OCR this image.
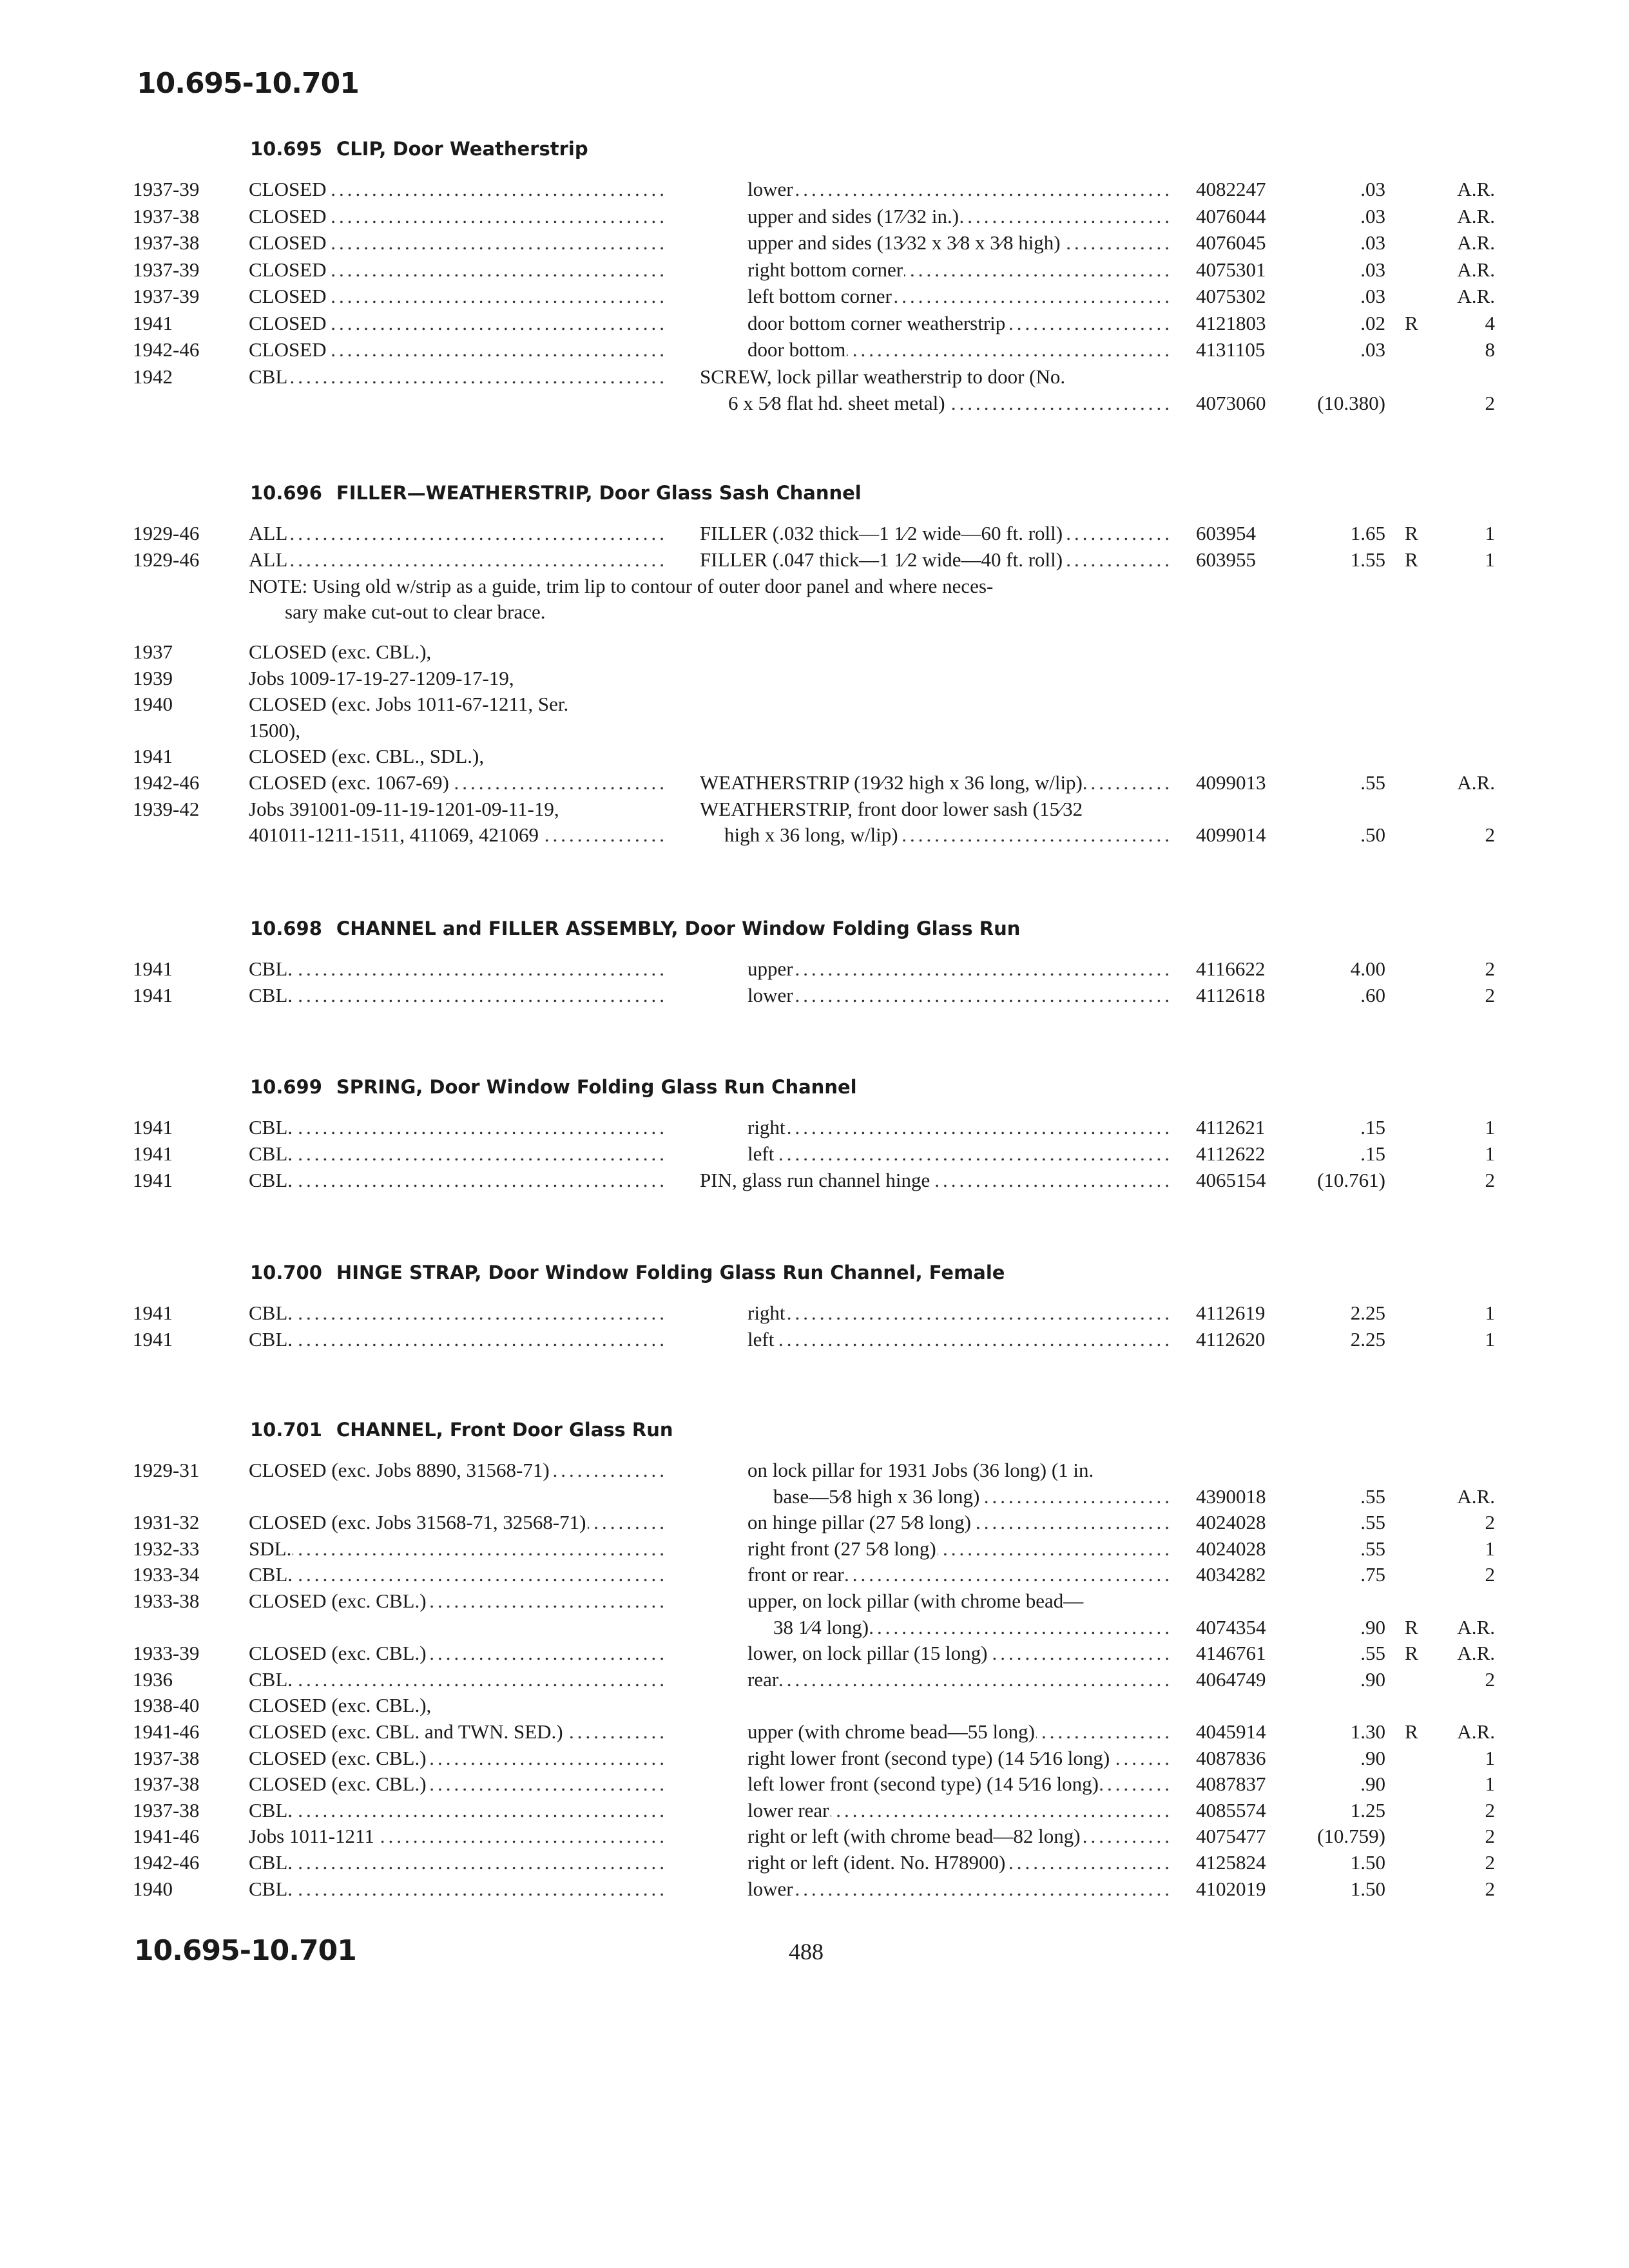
10.695-10.701
10.695 CLIP, Door Weatherstrip
1937-39 ..... CLOSED .....	lower	4082247	.03	A.R.
1937-38 ..... CLOSED .....	upper and sides (17⁄32 in.)	4076044	.03	A.R.
1937-38 ..... CLOSED .....	upper and sides (13⁄32 x 3⁄8 x 3⁄8 high)	4076045	.03	A.R.
1937-39 ..... CLOSED .....	right bottom corner	4075301	.03	A.R.
1937-39 ..... CLOSED .....	left bottom corner	4075302	.03	A.R.
1941 .....	CLOSED .....	door bottom corner weatherstrip	4121803	.02 R	4
1942-46 ..... CLOSED .....	door bottom	4131105	.03	8
1942 .....	CBL	SCREW, lock pillar weatherstrip to door (No.
.....
6 x 5⁄8 flat hd. sheet metal)	4073060	(10.380)	2
10.696 FILLER—WEATHERSTRIP, Door Glass Sash Channel
1929-46 ..... ALL .....	FILLER (.032 thick—1 1⁄2 wide—60 ft. roll)	603954	1.65 R	1
1929-46 ..... ALL .....	FILLER (.047 thick—1 1⁄2 wide—40 ft. roll)	603955	1.55 R	1
NOTE: Using old w/strip as a guide, trim lip to contour of outer door panel and where neces-
sary make cut-out to clear brace.
1937	CLOSED (exc. CBL.),
1939	Jobs 1009-17-19-27-1209-17-19,
1940	CLOSED (exc. Jobs 1011-67-1211, Ser.
1500),
1941	CLOSED (exc. CBL., SDL.),
1942-46 ..... CLOSED (exc. 1067-69) .....	WEATHERSTRIP (19⁄32 high x 36 long, w/lip)	4099013	.55	A.R.
1939-42 Jobs 391001-09-11-19-1201-09-11-19,	WEATHERSTRIP, front door lower sash (15⁄32
.....
401011-1211-1511, 411069, 421069 .....	high x 36 long, w/lip)	4099014	.50	2
10.698 CHANNEL and FILLER ASSEMBLY, Door Window Folding Glass Run
1941 .....	CBL. .....	upper	4116622	4.00	2
1941 .....	CBL. .....	lower	4112618	.60	2
10.699 SPRING, Door Window Folding Glass Run Channel
1941 .....	CBL. .....	right	4112621	.15	1
1941 .....	CBL. .....	left	4112622	.15	1
1941 .....	CBL. .....	PIN, glass run channel hinge	4065154	(10.761)	2
10.700 HINGE STRAP, Door Window Folding Glass Run Channel, Female
1941 .....	CBL. .....	right	4112619	2.25	1
1941 .....	CBL. .....	left	4112620	2.25	1
10.701 CHANNEL, Front Door Glass Run
1929-31 ..... CLOSED (exc. Jobs 8890, 31568-71)	on lock pillar for 1931 Jobs (36 long) (1 in.
.....
base—5⁄8 high x 36 long)	4390018	.55	A.R.
1931-32 ..... CLOSED (exc. Jobs 31568-71, 32568-71) .....	on hinge pillar (27 5⁄8 long)	4024028	.55	2
1932-33 ..... SDL. .....	right front (27 5⁄8 long)	4024028	.55	1
1933-34 ..... CBL. .....	front or rear	4034282	.75	2
1933-38 ..... CLOSED (exc. CBL.)	upper, on lock pillar (with chrome bead—
.....
38 1⁄4 long)	4074354	.90 R	A.R.
1933-39 ..... CLOSED (exc. CBL.) .....	lower, on lock pillar (15 long)	4146761	.55 R	A.R.
1936 .....	CBL. .....	rear	4064749	.90	2
1938-40 CLOSED (exc. CBL.),
1941-46 ..... CLOSED (exc. CBL. and TWN. SED.) .....	upper (with chrome bead—55 long)	4045914	1.30 R	A.R.
1937-38 ..... CLOSED (exc. CBL.) .....	right lower front (second type) (14 5⁄16 long)	4087836	.90	1
1937-38 ..... CLOSED (exc. CBL.) .....	left lower front (second type) (14 5⁄16 long)	4087837	.90	1
1937-38 ..... CBL. .....	lower rear	4085574	1.25	2
1941-46 ..... Jobs 1011-1211 .....	right or left (with chrome bead—82 long)	4075477	(10.759)	2
1942-46 ..... CBL. .....	right or left (ident. No. H78900)	4125824	1.50	2
1940 .....	CBL. .....	lower	4102019	1.50	2
10.695-10.701	488
